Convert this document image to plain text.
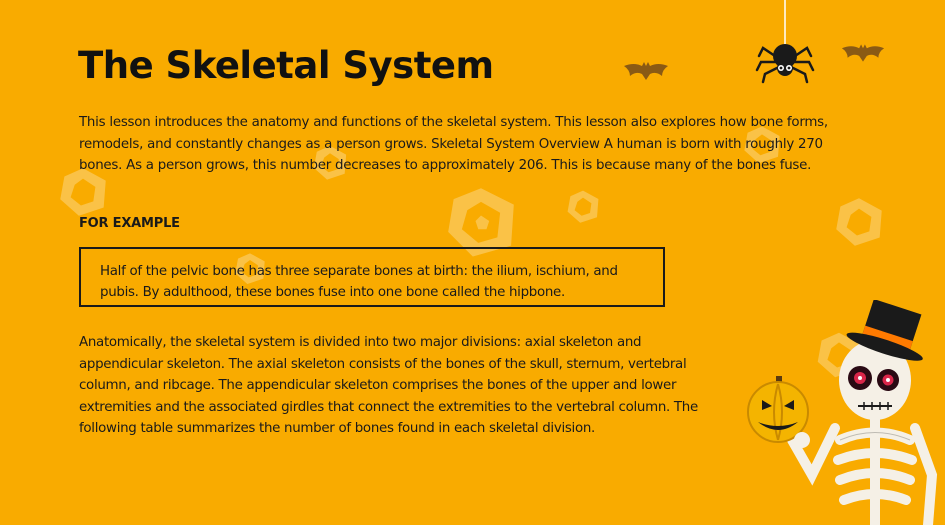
The Skeletal System

This lesson introduces the anatomy and functions of the skeletal system. This lesson also explores how bone forms, remodels, and constantly changes as a person grows. Skeletal System Overview A human is born with roughly 270 bones. As a person grows, this number decreases to approximately 206. This is because many of the bones fuse.

FOR EXAMPLE

Half of the pelvic bone has three separate bones at birth: the ilium, ischium, and pubis. By adulthood, these bones fuse into one bone called the hipbone.

Anatomically, the skeletal system is divided into two major divisions: axial skeleton and appendicular skeleton. The axial skeleton consists of the bones of the skull, sternum, vertebral column, and ribcage. The appendicular skeleton comprises the bones of the upper and lower extremities and the associated girdles that connect the extremities to the vertebral column. The following table summarizes the number of bones found in each skeletal division.
